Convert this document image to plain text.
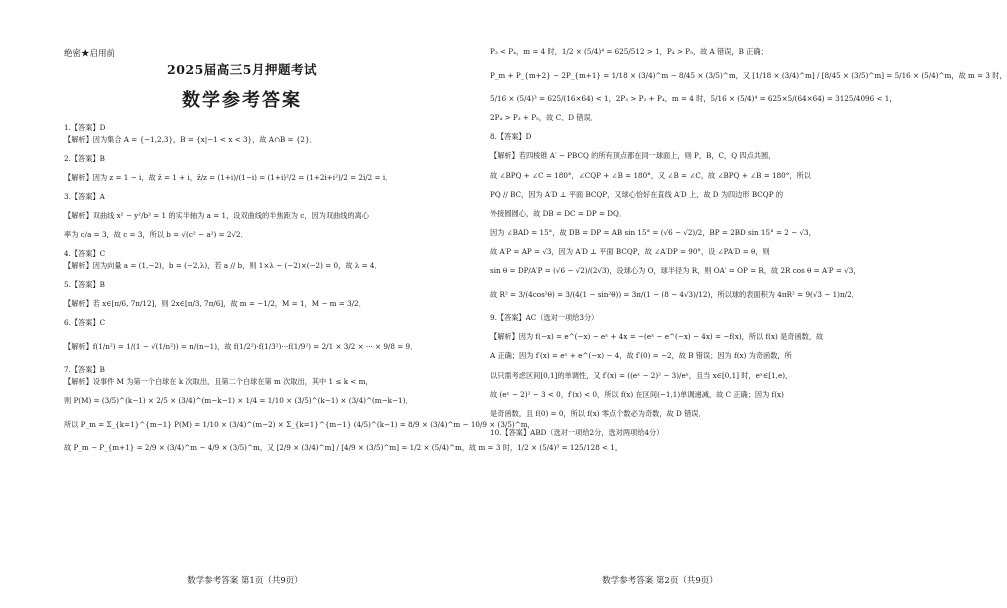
绝密★启用前
2025届高三5月押题考试
数学参考答案
1.【答案】D
【解析】因为集合 A = {−1,2,3}，B = {x|−1 < x < 3}，故 A∩B = {2}．
2.【答案】B
【解析】因为 z = 1 − i，故 z̄ = 1 + i，z̄/z = (1+i)/(1−i) = (1+i)²/2 = (1+2i+i²)/2 = 2i/2 = i．
3.【答案】A
【解析】双曲线 x² − y²/b² = 1 的实半轴为 a = 1，设双曲线的半焦距为 c，因为双曲线的离心
率为 c/a = 3，故 c = 3，所以 b = √(c² − a²) = 2√2．
4.【答案】C
【解析】因为向量 a = (1,−2)，b = (−2,λ)，若 a // b，则 1×λ − (−2)×(−2) = 0，故 λ = 4．
5.【答案】B
【解析】若 x∈[π/6, 7π/12]，则 2x∈[π/3, 7π/6]，故 m = −1/2，M = 1，M − m = 3/2．
6.【答案】C
【解析】f(1/n²) = 1/(1 − √(1/n²)) = n/(n−1)，故 f(1/2²)·f(1/3²)···f(1/9²) = 2/1 × 3/2 × ··· × 9/8 = 9．
7.【答案】B
【解析】设事件 M 为第一个白球在 k 次取出，且第二个白球在第 m 次取出，其中 1 ≤ k < m，
则 P(M) = (3/5)^(k−1) × 2/5 × (3/4)^(m−k−1) × 1/4 = 1/10 × (3/5)^(k−1) × (3/4)^(m−k−1)．
所以 P_m = Σ_{k=1}^{m−1} P(M) = 1/10 × (3/4)^(m−2) × Σ_{k=1}^{m−1} (4/5)^(k−1) = 8/9 × (3/4)^m − 10/9 × (3/5)^m，
故 P_m − P_{m+1} = 2/9 × (3/4)^m − 4/9 × (3/5)^m，又 [2/9 × (3/4)^m] / [4/9 × (3/5)^m] = 1/2 × (5/4)^m，故 m = 3 时，1/2 × (5/4)³ = 125/128 < 1，
数学参考答案 第1页（共9页）
P₃ < P₄，m = 4 时，1/2 × (5/4)⁴ = 625/512 > 1，P₄ > P₅，故 A 错误，B 正确；
P_m + P_{m+2} − 2P_{m+1} = 1/18 × (3/4)^m − 8/45 × (3/5)^m，又 [1/18 × (3/4)^m] / [8/45 × (3/5)^m] = 5/16 × (5/4)^m，故 m = 3 时，
5/16 × (5/4)³ = 625/(16×64) < 1，2P₃ > P₂ + P₄，m = 4 时，5/16 × (5/4)⁴ = 625×5/(64×64) = 3125/4096 < 1，
2P₄ > P₃ + P₅，故 C、D 错误．
8.【答案】D
【解析】若四棱锥 A′ − PBCQ 的所有顶点都在同一球面上，则 P，B，C，Q 四点共圆，
故 ∠BPQ + ∠C = 180°，∠CQP + ∠B = 180°，又 ∠B = ∠C，故 ∠BPQ + ∠B = 180°，所以
PQ // BC，因为 A′D ⊥ 平面 BCQP，又球心恰好在直线 A′D 上，故 D 为四边形 BCQP 的
外接圆圆心，故 DB = DC = DP = DQ．
因为 ∠BAD = 15°，故 DB = DP = AB sin 15° = (√6 − √2)/2，BP = 2BD sin 15° = 2 − √3，
故 A′P = AP = √3，因为 A′D ⊥ 平面 BCQP，故 ∠A′DP = 90°，设 ∠PA′D = θ，则
sin θ = DP/A′P = (√6 − √2)/(2√3)，设球心为 O，球半径为 R，则 OA′ = OP = R，故 2R cos θ = A′P = √3，
故 R² = 3/(4cos²θ) = 3/(4(1 − sin²θ)) = 3π/(1 − (8 − 4√3)/12)，所以球的表面积为 4πR² = 9(√3 − 1)π/2．
9.【答案】AC（选对一项给3分）
【解析】因为 f(−x) = e^(−x) − eˣ + 4x = −(eˣ − e^(−x) − 4x) = −f(x)，所以 f(x) 是奇函数，故
A 正确；因为 f′(x) = eˣ + e^(−x) − 4，故 f′(0) = −2，故 B 错误；因为 f(x) 为奇函数，所
以只需考虑区间[0,1]的单调性，又 f′(x) = ((eˣ − 2)² − 3)/eˣ，且当 x∈[0,1] 时，eˣ∈[1,e)，
故 (eˣ − 2)² − 3 < 0，f′(x) < 0，所以 f(x) 在区间(−1,1)单调递减，故 C 正确；因为 f(x)
是奇函数，且 f(0) = 0，所以 f(x) 零点个数必为奇数，故 D 错误．
10.【答案】ABD（选对一项给2分，选对两项给4分）
数学参考答案 第2页（共9页）
